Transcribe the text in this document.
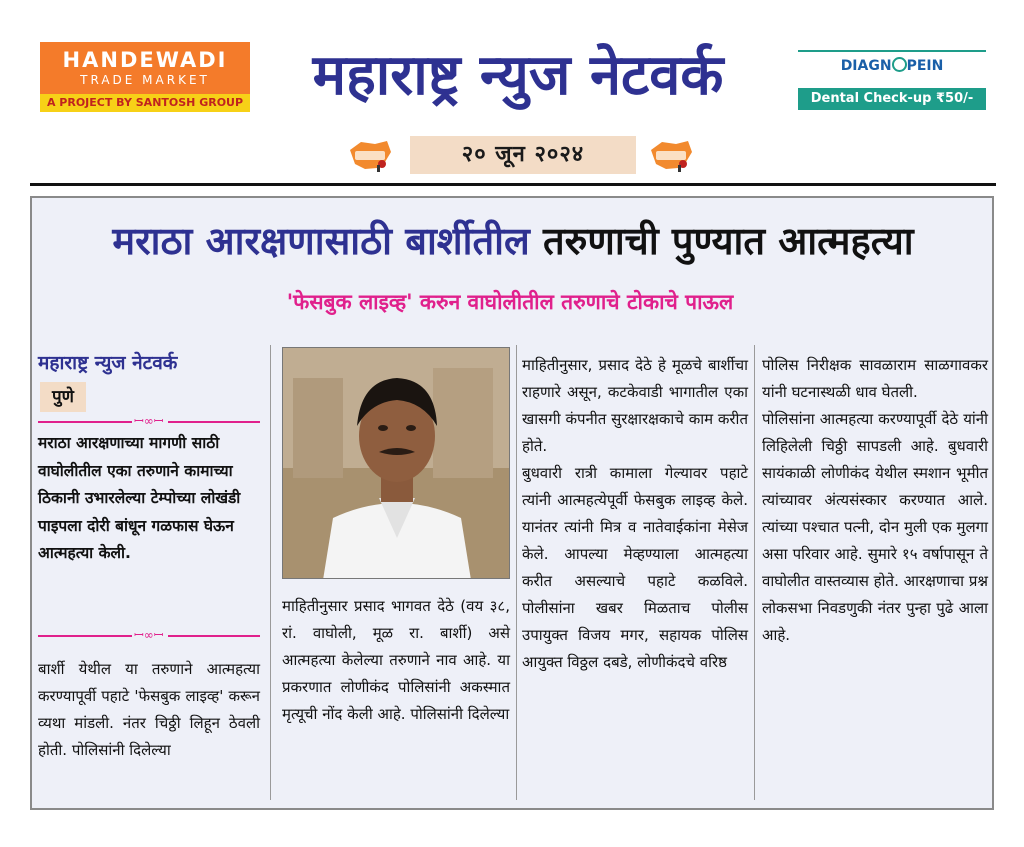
HANDEWADI
TRADE MARKET
A PROJECT BY SANTOSH GROUP	महाराष्ट्र न्युज नेटवर्क	DIAGN PEIN
Dental Check-up ₹50/-
२० जून २०२४
मराठा आरक्षणासाठी बार्शीतील तरुणाची पुण्यात आत्महत्या
'फेसबुक लाइव्ह' करुन वाघोलीतील तरुणाचे टोकाचे पाऊल
महाराष्ट्र न्युज नेटवर्क
पुणे
ꟷ∞ꟷ
मराठा आरक्षणाच्या मागणी साठी वाघोलीतील एका तरुणाने कामाच्या ठिकानी उभारलेल्या टेम्पोच्या लोखंडी पाइपला दोरी बांधून गळफास घेऊन आत्महत्या केली.
ꟷ∞ꟷ

बार्शी येथील या तरुणाने आत्महत्या करण्यापूर्वी पहाटे 'फेसबुक लाइव्ह' करून व्यथा मांडली. नंतर चिठ्ठी लिहून ठेवली होती. पोलिसांनी दिलेल्या

माहितीनुसार प्रसाद भागवत देठे (वय ३८, रां. वाघोली, मूळ रा. बार्शी) असे आत्महत्या केलेल्या तरुणाने नाव आहे. या प्रकरणात लोणीकंद पोलिसांनी अकस्मात मृत्यूची नोंद केली आहे. पोलिसांनी दिलेल्या

माहितीनुसार, प्रसाद देठे हे मूळचे बार्शीचा राहणारे असून, कटकेवाडी भागातील एका खासगी कंपनीत सुरक्षारक्षकाचे काम करीत होते.

बुधवारी रात्री कामाला गेल्यावर पहाटे त्यांनी आत्महत्येपूर्वी फेसबुक लाइव्ह केले. यानंतर त्यांनी मित्र व नातेवाईकांना मेसेज केले. आपल्या मेव्हण्याला आत्महत्या करीत असल्याचे पहाटे कळविले. पोलीसांना खबर मिळताच पोलीस उपायुक्त विजय मगर, सहायक पोलिस आयुक्त विठ्ठल दबडे, लोणीकंदचे वरिष्ठ

पोलिस निरीक्षक सावळाराम साळगावकर यांनी घटनास्थळी धाव घेतली.

पोलिसांना आत्महत्या करण्यापूर्वी देठे यांनी लिहिलेली चिठ्ठी सापडली आहे. बुधवारी सायंकाळी लोणीकंद येथील स्मशान भूमीत त्यांच्यावर अंत्यसंस्कार करण्यात आले. त्यांच्या पश्चात पत्नी, दोन मुली एक मुलगा असा परिवार आहे. सुमारे १५ वर्षापासून ते वाघोलीत वास्तव्यास होते. आरक्षणाचा प्रश्न लोकसभा निवडणुकी नंतर पुन्हा पुढे आला आहे.
